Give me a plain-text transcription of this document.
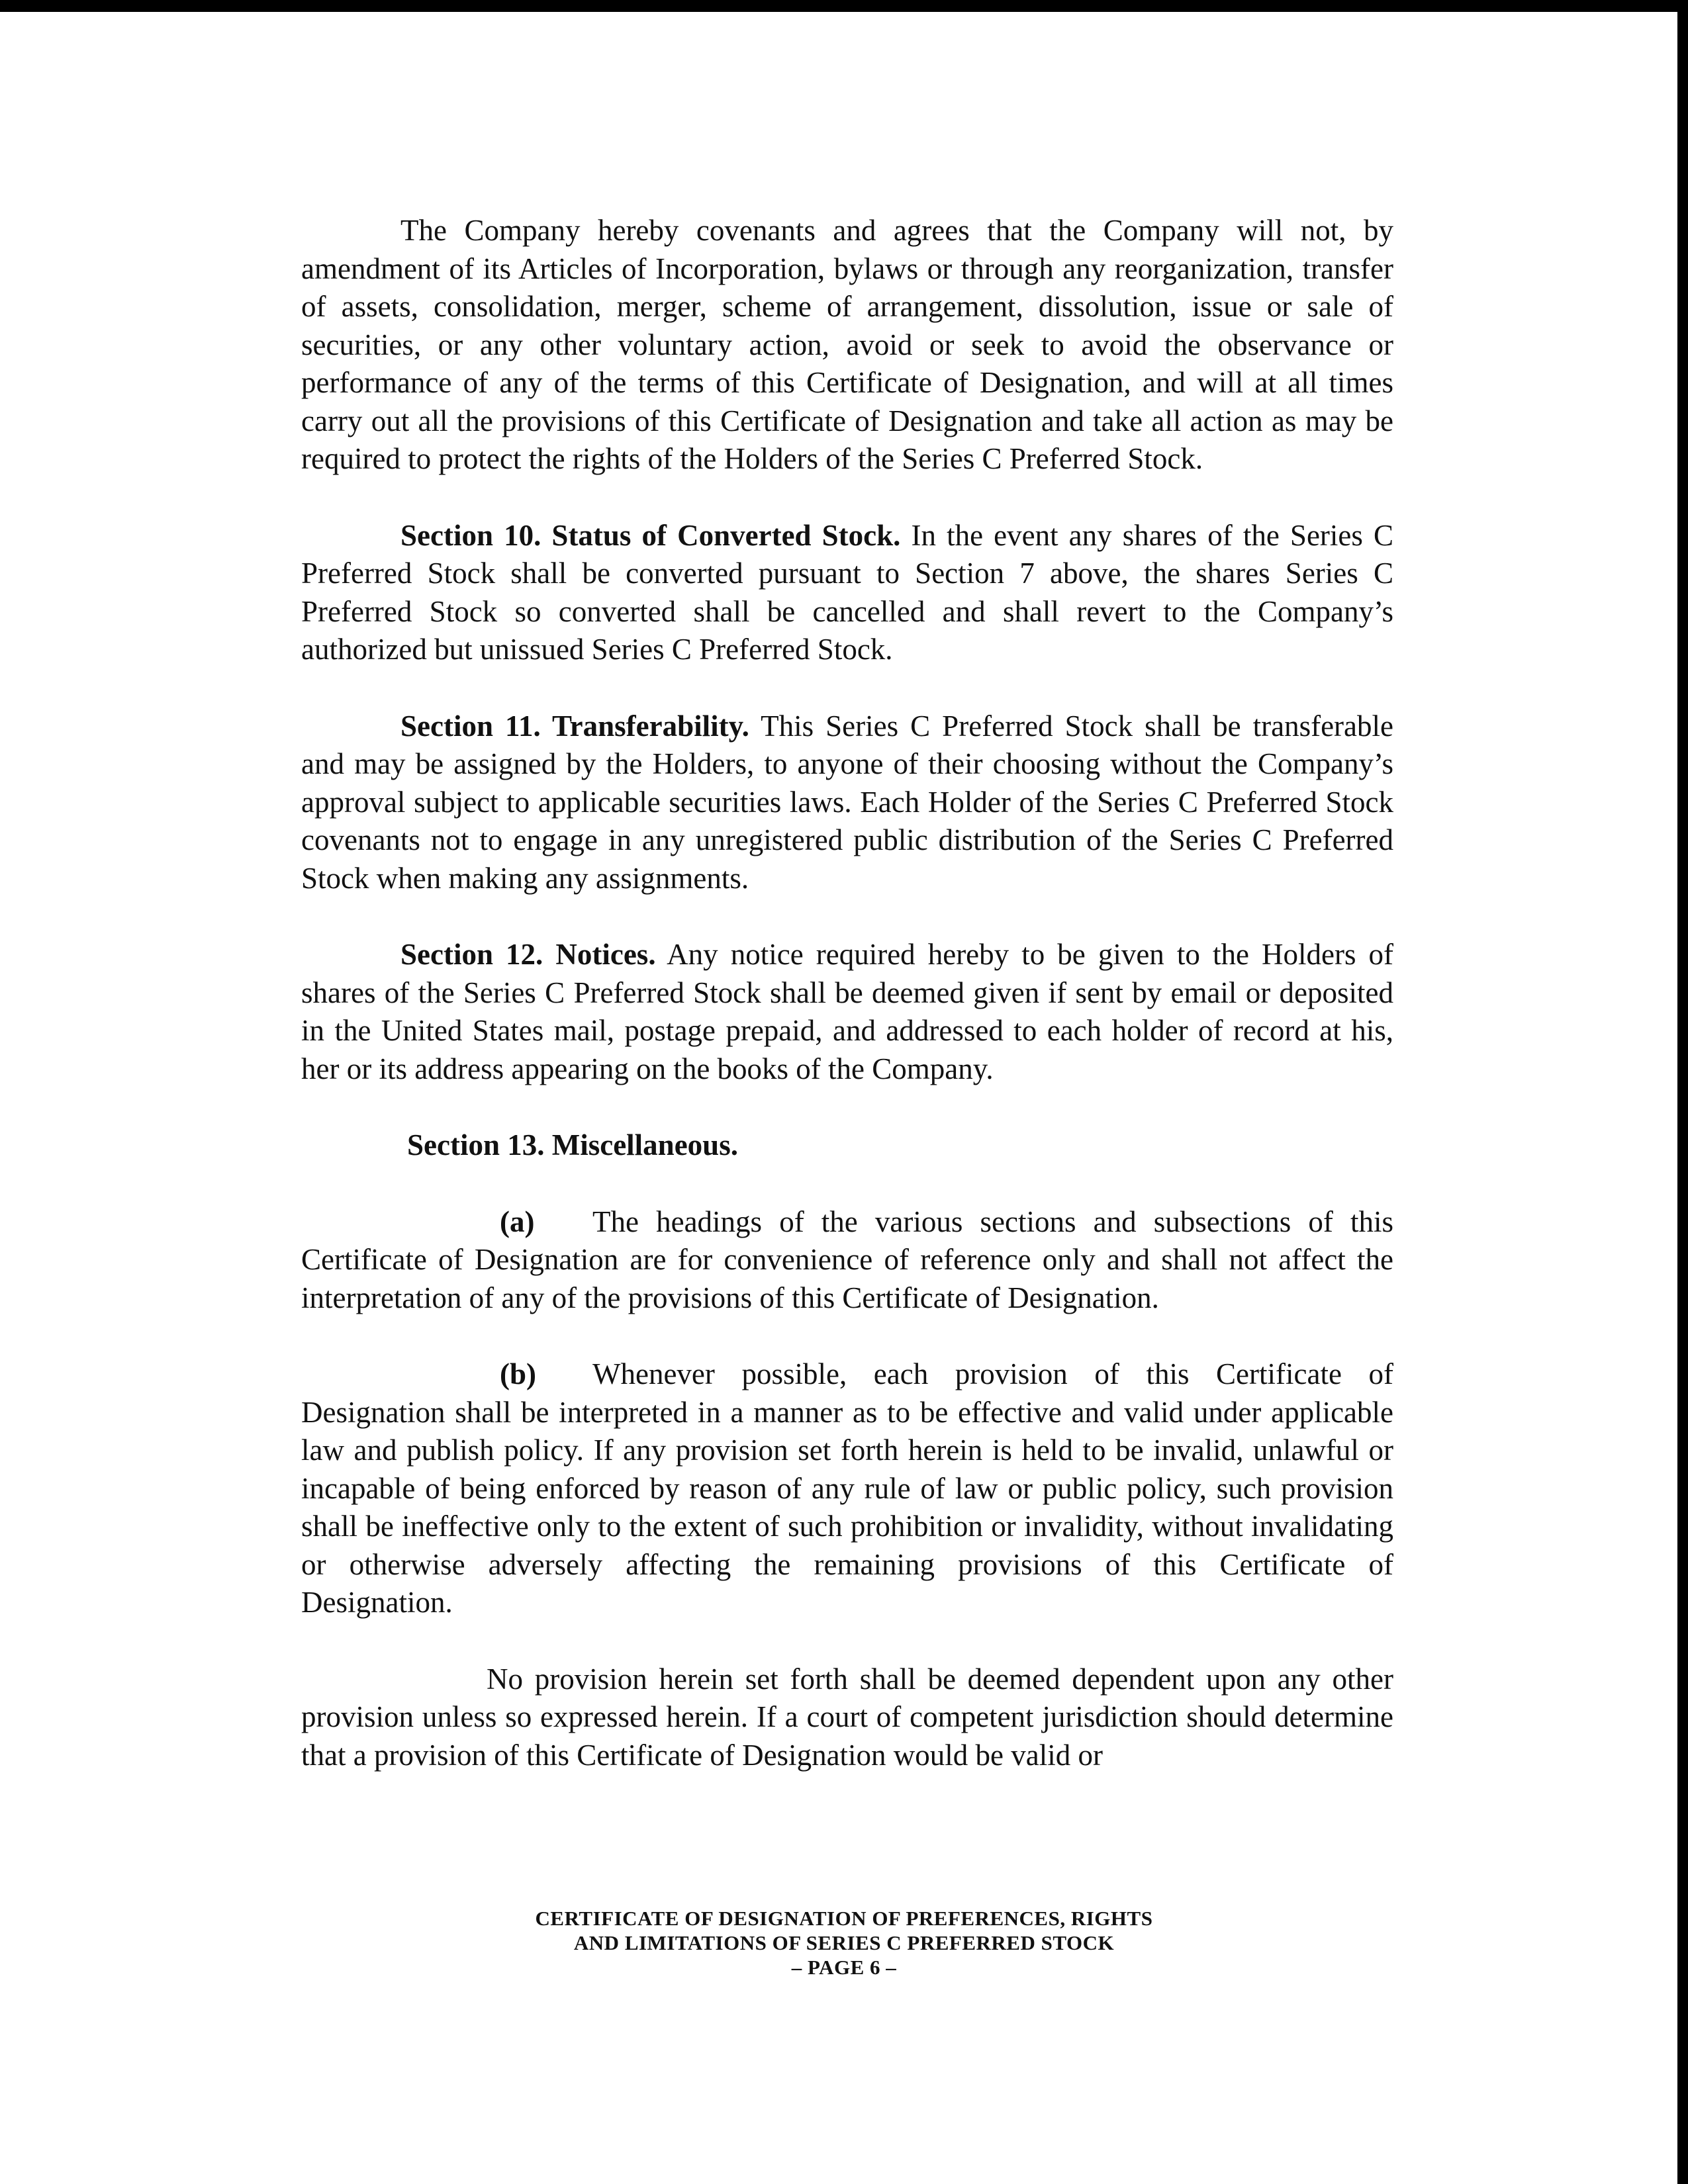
The Company hereby covenants and agrees that the Company will not, by amendment of its Articles of Incorporation, bylaws or through any reorganization, transfer of assets, consolidation, merger, scheme of arrangement, dissolution, issue or sale of securities, or any other voluntary action, avoid or seek to avoid the observance or performance of any of the terms of this Certificate of Designation, and will at all times carry out all the provisions of this Certificate of Designation and take all action as may be required to protect the rights of the Holders of the Series C Preferred Stock.

Section 10. Status of Converted Stock. In the event any shares of the Series C Preferred Stock shall be converted pursuant to Section 7 above, the shares Series C Preferred Stock so converted shall be cancelled and shall revert to the Company’s authorized but unissued Series C Preferred Stock.

Section 11. Transferability. This Series C Preferred Stock shall be transferable and may be assigned by the Holders, to anyone of their choosing without the Company’s approval subject to applicable securities laws. Each Holder of the Series C Preferred Stock covenants not to engage in any unregistered public distribution of the Series C Preferred Stock when making any assignments.

Section 12. Notices. Any notice required hereby to be given to the Holders of shares of the Series C Preferred Stock shall be deemed given if sent by email or deposited in the United States mail, postage prepaid, and addressed to each holder of record at his, her or its address appearing on the books of the Company.

Section 13. Miscellaneous.

(a) The headings of the various sections and subsections of this Certificate of Designation are for convenience of reference only and shall not affect the interpretation of any of the provisions of this Certificate of Designation.

(b) Whenever possible, each provision of this Certificate of Designation shall be interpreted in a manner as to be effective and valid under applicable law and publish policy. If any provision set forth herein is held to be invalid, unlawful or incapable of being enforced by reason of any rule of law or public policy, such provision shall be ineffective only to the extent of such prohibition or invalidity, without invalidating or otherwise adversely affecting the remaining provisions of this Certificate of Designation.

No provision herein set forth shall be deemed dependent upon any other provision unless so expressed herein. If a court of competent jurisdiction should determine that a provision of this Certificate of Designation would be valid or

CERTIFICATE OF DESIGNATION OF PREFERENCES, RIGHTS
AND LIMITATIONS OF SERIES C PREFERRED STOCK
– PAGE 6 –
